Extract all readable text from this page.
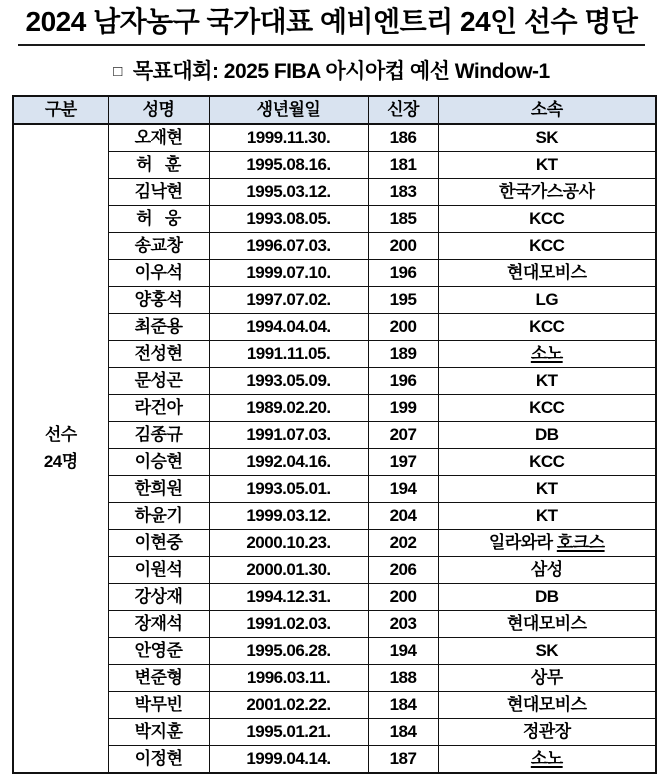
2024 남자농구 국가대표 예비엔트리 24인 선수 명단
□ 목표대회: 2025 FIBA 아시아컵 예선 Window-1
구분	성명	생년월일	신장	소속

선수
24명	오재현	1999.11.30.	186	SK
	허   훈	1995.08.16.	181	KT
	김낙현	1995.03.12.	183	한국가스공사
	허   웅	1993.08.05.	185	KCC
	송교창	1996.07.03.	200	KCC
	이우석	1999.07.10.	196	현대모비스
	양홍석	1997.07.02.	195	LG
	최준용	1994.04.04.	200	KCC
	전성현	1991.11.05.	189	소노
	문성곤	1993.05.09.	196	KT
	라건아	1989.02.20.	199	KCC
	김종규	1991.07.03.	207	DB
	이승현	1992.04.16.	197	KCC
	한희원	1993.05.01.	194	KT
	하윤기	1999.03.12.	204	KT
	이현중	2000.10.23.	202	일라와라 호크스
	이원석	2000.01.30.	206	삼성
	강상재	1994.12.31.	200	DB
	장재석	1991.02.03.	203	현대모비스
	안영준	1995.06.28.	194	SK
	변준형	1996.03.11.	188	상무
	박무빈	2001.02.22.	184	현대모비스
	박지훈	1995.01.21.	184	정관장
	이정현	1999.04.14.	187	소노
